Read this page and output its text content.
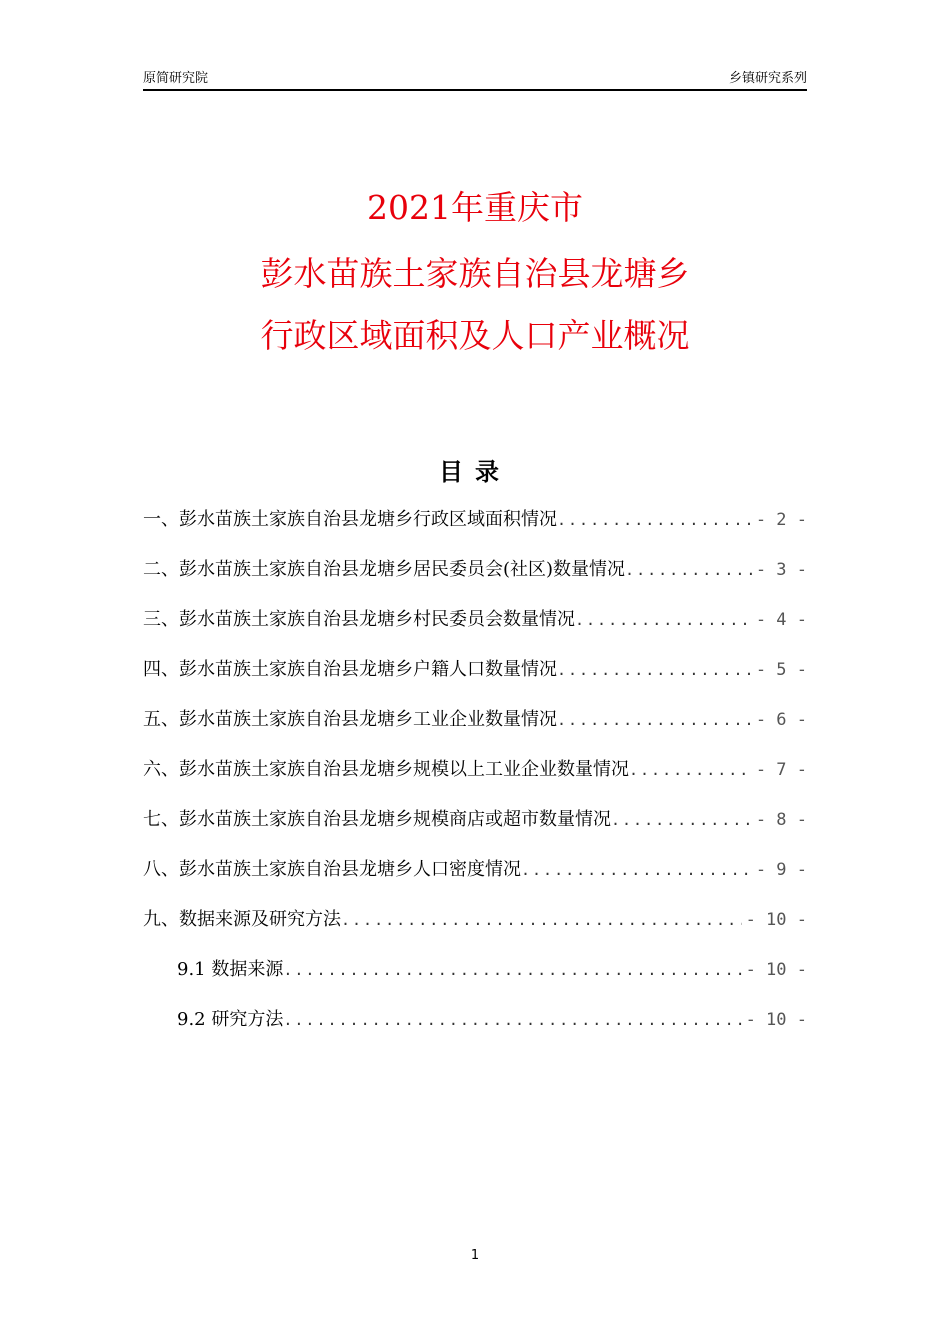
原简研究院	乡镇研究系列
2021年重庆市
彭水苗族土家族自治县龙塘乡
行政区域面积及人口产业概况
目录
一、彭水苗族土家族自治县龙塘乡行政区域面积情况 .....	- 2 -
二、彭水苗族土家族自治县龙塘乡居民委员会(社区)数量情况 .....	- 3 -
三、彭水苗族土家族自治县龙塘乡村民委员会数量情况 .....	- 4 -
四、彭水苗族土家族自治县龙塘乡户籍人口数量情况 .....	- 5 -
五、彭水苗族土家族自治县龙塘乡工业企业数量情况 .....	- 6 -
六、彭水苗族土家族自治县龙塘乡规模以上工业企业数量情况 .....	- 7 -
七、彭水苗族土家族自治县龙塘乡规模商店或超市数量情况 .....	- 8 -
八、彭水苗族土家族自治县龙塘乡人口密度情况 .....	- 9 -
九、数据来源及研究方法 .....	- 10 -
9.1 数据来源 .....	- 10 -
9.2 研究方法 .....	- 10 -
1
